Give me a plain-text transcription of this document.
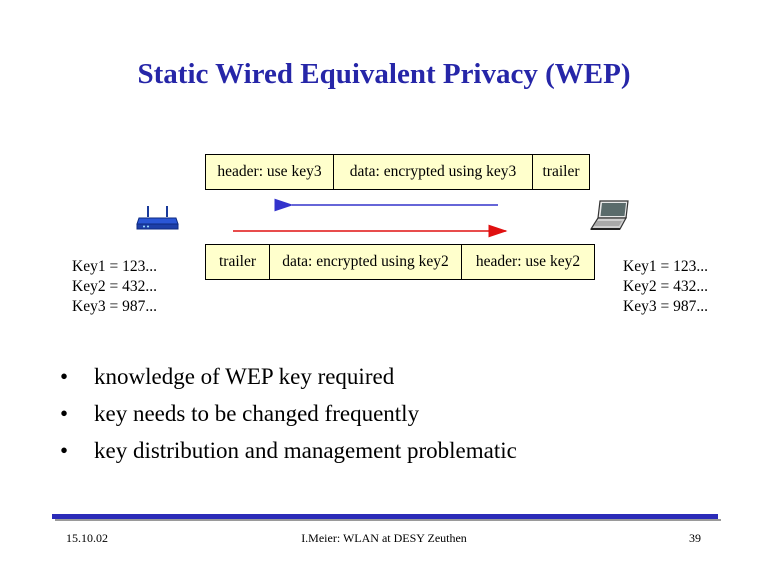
Static Wired Equivalent Privacy (WEP)
header: use key3	data: encrypted using key3	trailer
trailer	data: encrypted using key2	header: use key2
Key1 = 123...
Key2 = 432...
Key3 = 987...
Key1 = 123...
Key2 = 432...
Key3 = 987...
•	knowledge of WEP key required
•	key needs to be changed frequently
•	key distribution and management problematic
15.10.02	I.Meier: WLAN at DESY Zeuthen	39
